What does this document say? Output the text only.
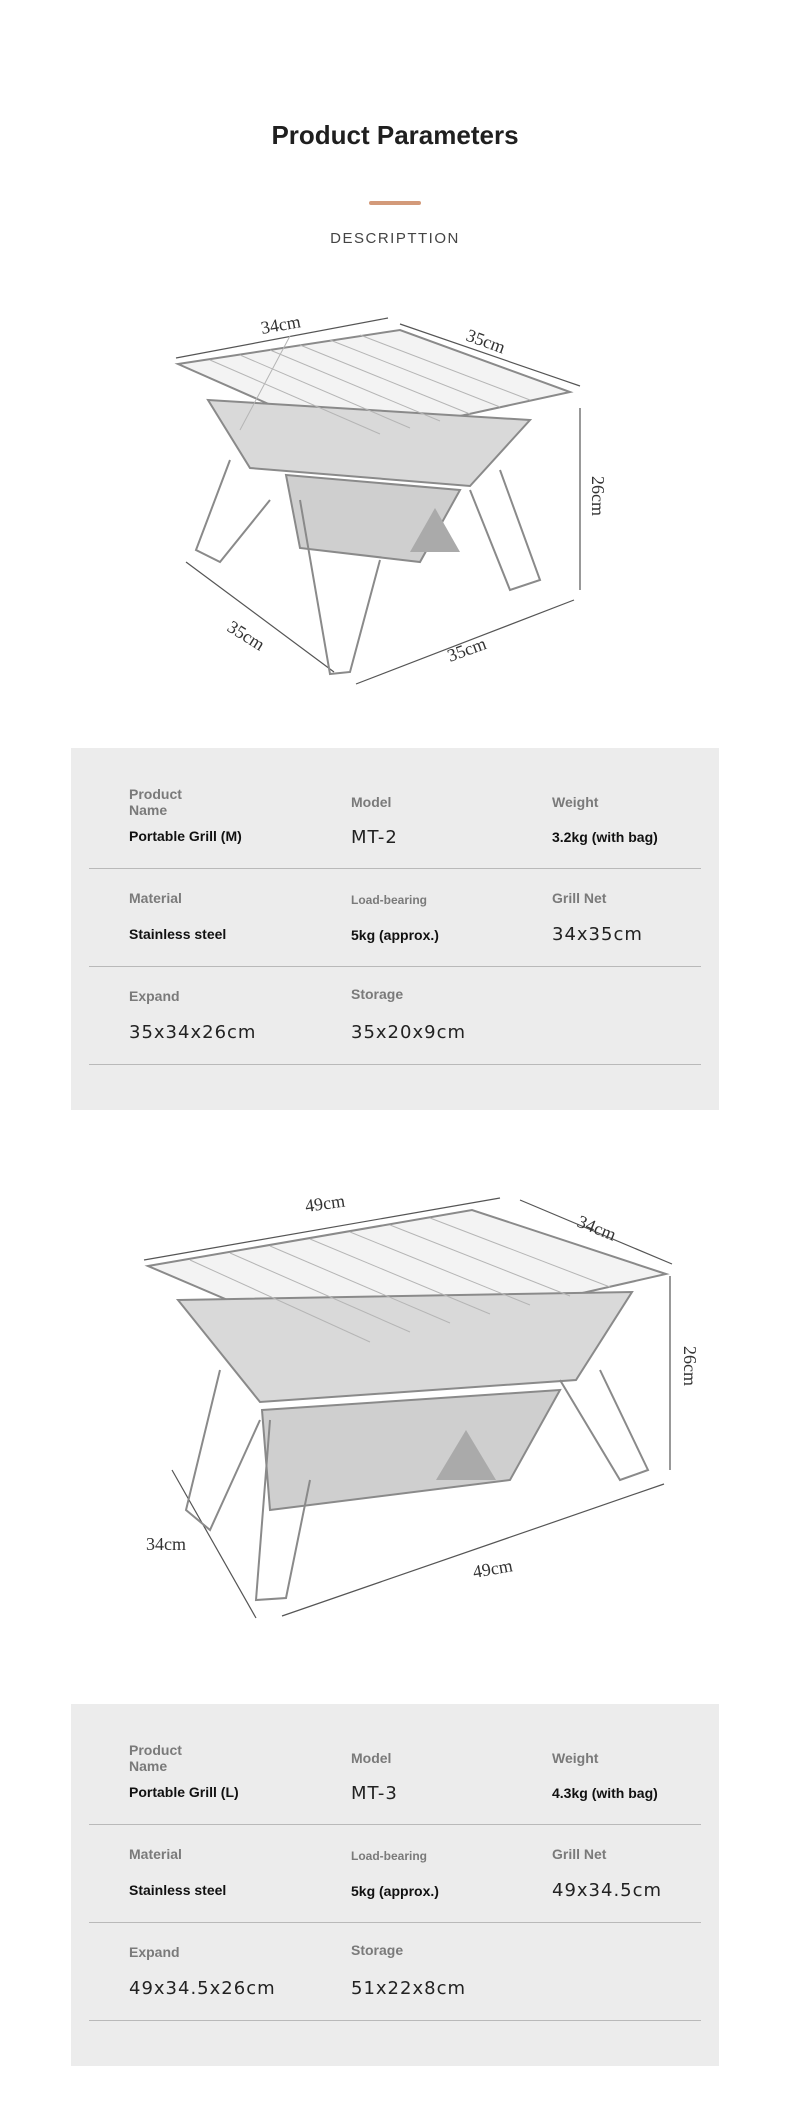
Product Parameters
DESCRIPTTION
34cm
35cm
26cm
35cm	35cm
Product
Name
Portable Grill (M)
Model
MT-2
Weight
3.2kg (with bag)
Material
Stainless steel
Load-bearing
5kg (approx.)
Grill Net
34x35cm
Expand
35x34x26cm
Storage
35x20x9cm
49cm
34cm
26cm
34cm
49cm
Product
Name
Portable Grill (L)
Model
MT-3
Weight
4.3kg (with bag)
Material
Stainless steel
Load-bearing
5kg (approx.)
Grill Net
49x34.5cm
Expand
49x34.5x26cm
Storage
51x22x8cm
